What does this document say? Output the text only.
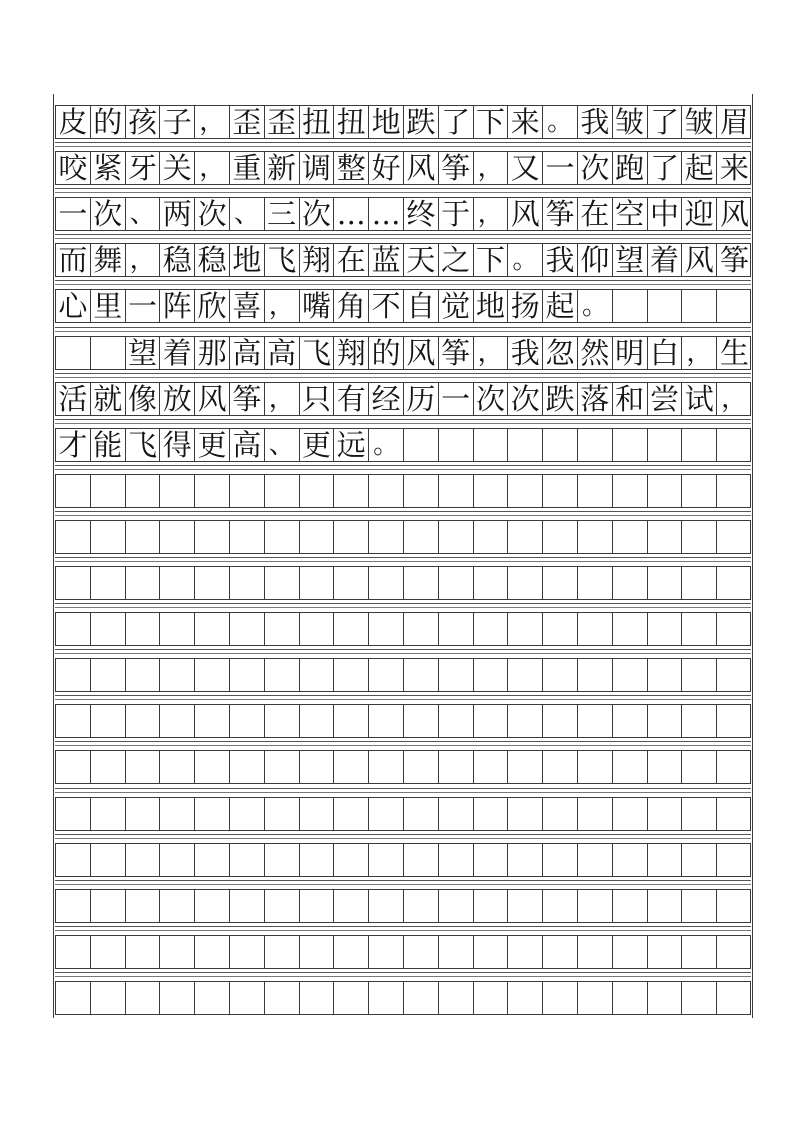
皮 的 孩 子 ， 歪 歪 扭 扭 地 跌 了 下 来 。 我 皱 了 皱 眉
咬 紧 牙 关 ， 重 新 调 整 好 风 筝 ， 又 一 次 跑 了 起 来
一 次 、 两 次 、 三 次 … … 终 于 ， 风 筝 在 空 中 迎 风
而 舞 ， 稳 稳 地 飞 翔 在 蓝 天 之 下 。 我 仰 望 着 风 筝
心 里 一 阵 欣 喜 ， 嘴 角 不 自 觉 地 扬 起 。
望 着 那 高 高 飞 翔 的 风 筝 ， 我 忽 然 明 白 ， 生
活 就 像 放 风 筝 ， 只 有 经 历 一 次 次 跌 落 和 尝 试 ，
才 能 飞 得 更 高 、 更 远 。
